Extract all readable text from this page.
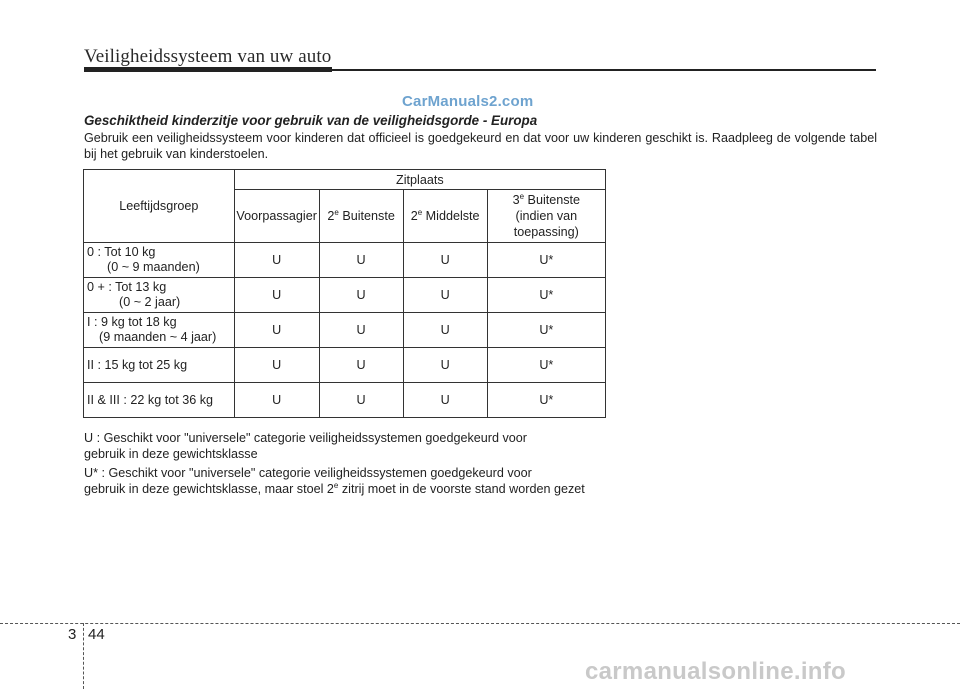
Veiligheidssysteem van uw auto
CarManuals2.com
Geschiktheid kinderzitje voor gebruik van de veiligheidsgorde - Europa
Gebruik een veiligheidssysteem voor kinderen dat officieel is goedgekeurd en dat voor uw kinderen geschikt is. Raadpleeg de volgende tabel bij het gebruik van kinderstoelen.
Leeftijdsgroep	Zitplaats			
	Voorpassagier	2e Buitenste	2e Middelste	3e Buitenste
(indien van
toepassing)
0 : Tot 10 kg
(0 ~ 9 maanden)	U	U	U	U*
0 + : Tot 13 kg
(0 ~ 2 jaar)	U	U	U	U*
I : 9 kg tot 18 kg
(9 maanden ~ 4 jaar)	U	U	U	U*
II : 15 kg tot 25 kg	U	U	U	U*
II & III : 22 kg tot 36 kg	U	U	U	U*
U : Geschikt voor "universele" categorie veiligheidssystemen goedgekeurd voor
gebruik in deze gewichtsklasse
U* : Geschikt voor "universele" categorie veiligheidssystemen goedgekeurd voor
gebruik in deze gewichtsklasse, maar stoel 2e zitrij moet in de voorste stand worden gezet
3 44
carmanualsonline.info
